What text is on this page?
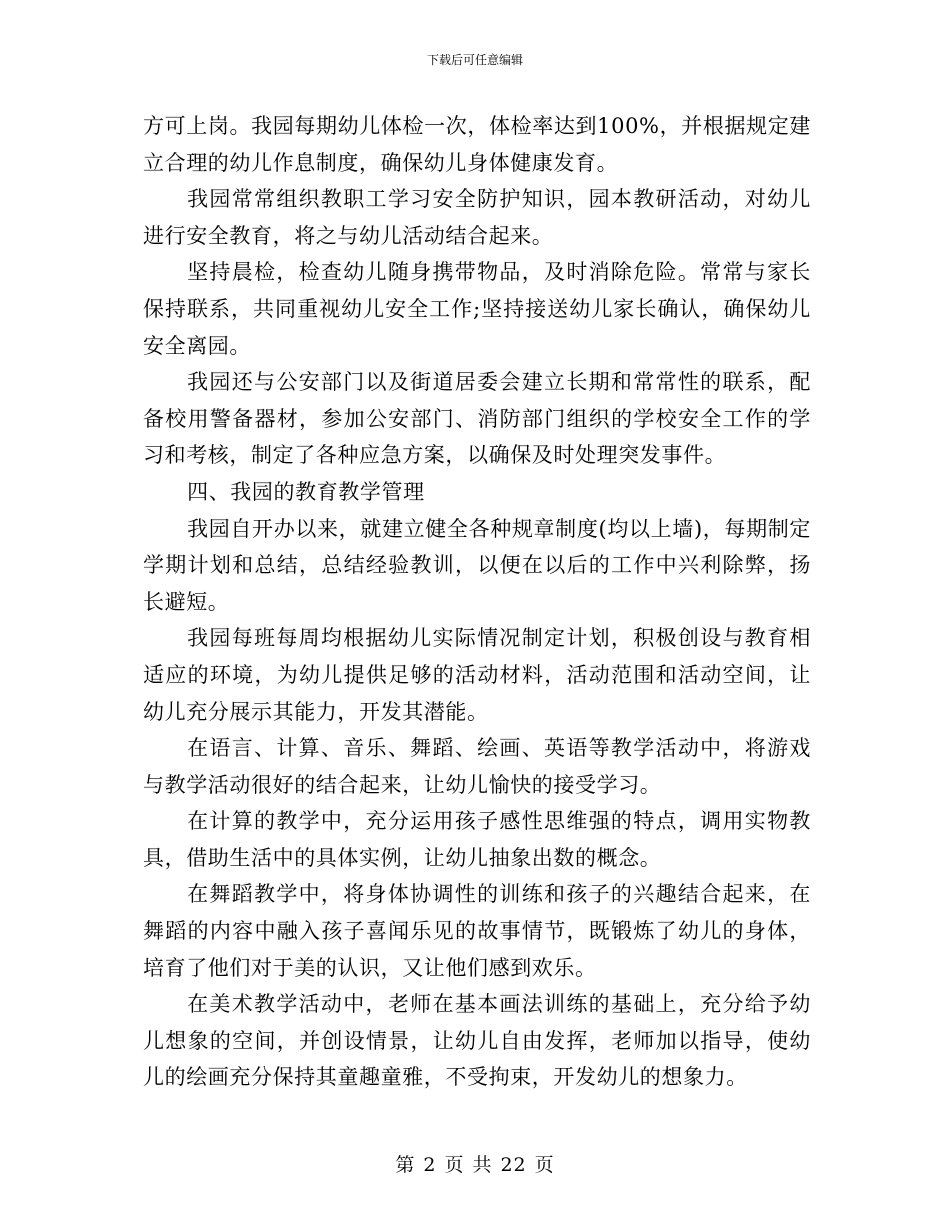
下载后可任意编辑

方可上岗。我园每期幼儿体检一次，体检率达到100%，并根据规定建立合理的幼儿作息制度，确保幼儿身体健康发育。

我园常常组织教职工学习安全防护知识，园本教研活动，对幼儿进行安全教育，将之与幼儿活动结合起来。

坚持晨检，检查幼儿随身携带物品，及时消除危险。常常与家长保持联系，共同重视幼儿安全工作;坚持接送幼儿家长确认，确保幼儿安全离园。

我园还与公安部门以及街道居委会建立长期和常常性的联系，配备校用警备器材，参加公安部门、消防部门组织的学校安全工作的学习和考核，制定了各种应急方案，以确保及时处理突发事件。

四、我园的教育教学管理

我园自开办以来，就建立健全各种规章制度(均以上墙)，每期制定学期计划和总结，总结经验教训，以便在以后的工作中兴利除弊，扬长避短。

我园每班每周均根据幼儿实际情况制定计划，积极创设与教育相适应的环境，为幼儿提供足够的活动材料，活动范围和活动空间，让幼儿充分展示其能力，开发其潜能。

在语言、计算、音乐、舞蹈、绘画、英语等教学活动中，将游戏与教学活动很好的结合起来，让幼儿愉快的接受学习。

在计算的教学中，充分运用孩子感性思维强的特点，调用实物教具，借助生活中的具体实例，让幼儿抽象出数的概念。

在舞蹈教学中，将身体协调性的训练和孩子的兴趣结合起来，在舞蹈的内容中融入孩子喜闻乐见的故事情节，既锻炼了幼儿的身体，培育了他们对于美的认识，又让他们感到欢乐。

在美术教学活动中，老师在基本画法训练的基础上，充分给予幼儿想象的空间，并创设情景，让幼儿自由发挥，老师加以指导，使幼儿的绘画充分保持其童趣童雅，不受拘束，开发幼儿的想象力。

第 2 页 共 22 页
